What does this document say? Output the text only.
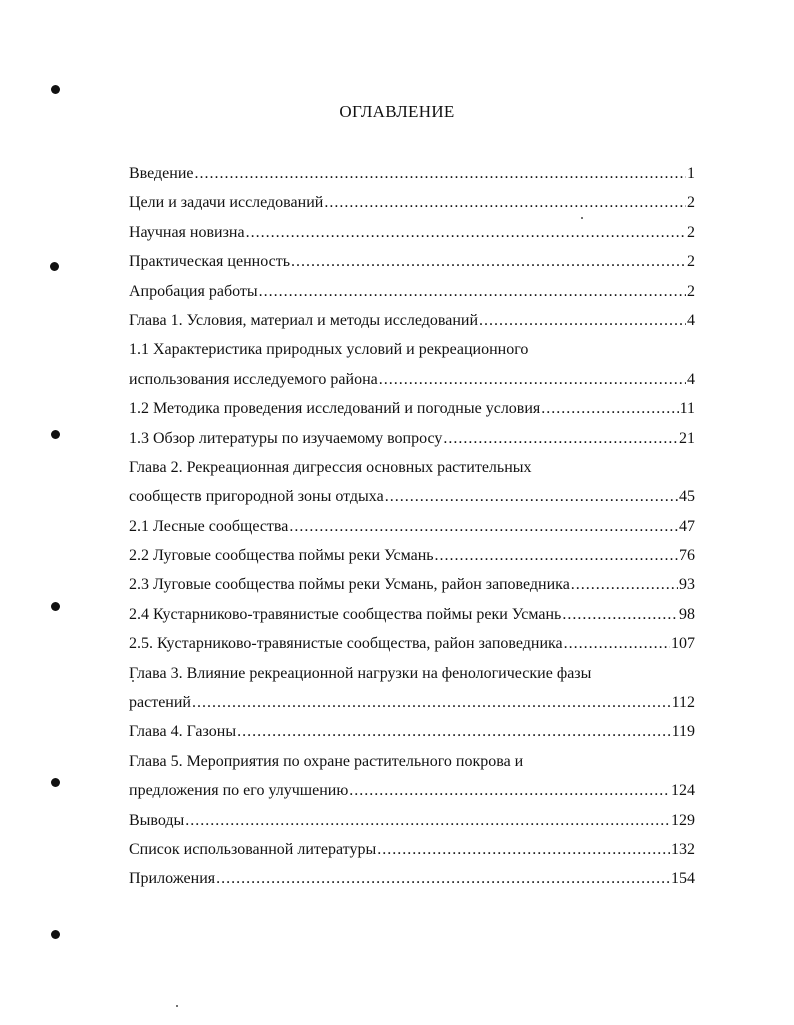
ОГЛАВЛЕНИЕ
Введение .....	1
Цели и задачи исследований .....	2
Научная новизна .....	2
Практическая ценность .....	2
Апробация работы .....	2
Глава 1. Условия, материал и методы исследований .....	4
1.1 Характеристика природных условий и рекреационного
использования исследуемого района .....	4
1.2 Методика проведения исследований и погодные условия .....	11
1.3 Обзор литературы по изучаемому вопросу .....	21
Глава 2. Рекреационная дигрессия основных растительных
сообществ пригородной зоны отдыха .....	45
2.1 Лесные сообщества .....	47
2.2 Луговые сообщества поймы реки Усмань .....	76
2.3 Луговые сообщества поймы реки Усмань, район заповедника .....	93
2.4 Кустарниково-травянистые сообщества поймы реки Усмань .....	98
2.5. Кустарниково-травянистые сообщества, район заповедника .....	107
Глава 3. Влияние рекреационной нагрузки на фенологические фазы
растений .....	112
Глава 4. Газоны .....	119
Глава 5. Мероприятия по охране растительного покрова и
предложения по его улучшению .....	124
Выводы .....	129
Список использованной литературы .....	132
Приложения .....	154
